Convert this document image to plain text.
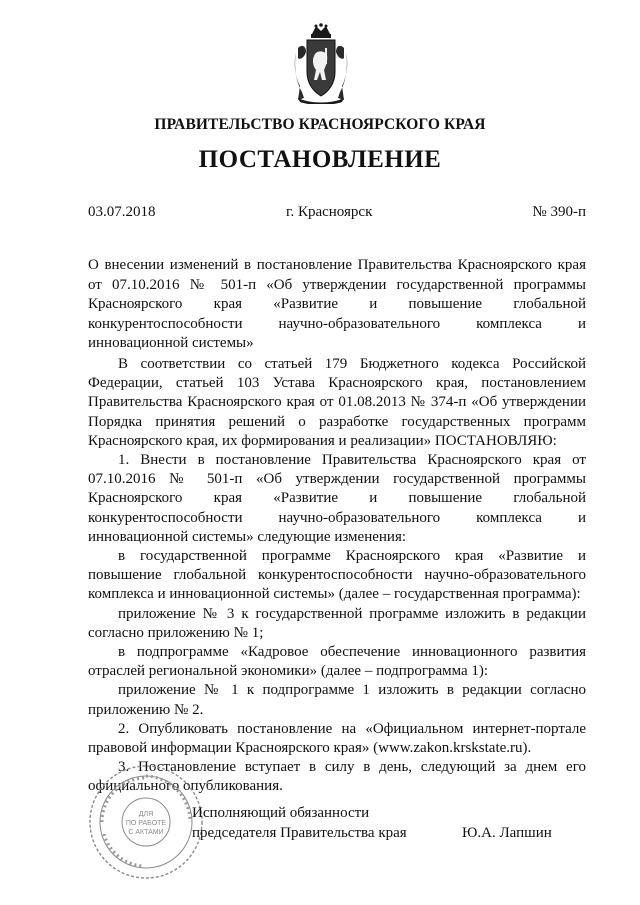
ПРАВИТЕЛЬСТВО КРАСНОЯРСКОГО КРАЯ
ПОСТАНОВЛЕНИЕ
03.07.2018	г. Красноярск	№ 390-п
О внесении изменений в постановление Правительства Красноярского края от 07.10.2016 № 501-п «Об утверждении государственной программы Красноярского края «Развитие и повышение глобальной конкурентоспособности научно-образовательного комплекса и инновационной системы»

В соответствии со статьей 179 Бюджетного кодекса Российской Федерации, статьей 103 Устава Красноярского края, постановлением Правительства Красноярского края от 01.08.2013 № 374-п «Об утверждении Порядка принятия решений о разработке государственных программ Красноярского края, их формирования и реализации» ПОСТАНОВЛЯЮ:

1. Внести в постановление Правительства Красноярского края от 07.10.2016 № 501-п «Об утверждении государственной программы Красноярского края «Развитие и повышение глобальной конкурентоспособности научно-образовательного комплекса и инновационной системы» следующие изменения:

в государственной программе Красноярского края «Развитие и повышение глобальной конкурентоспособности научно-образовательного комплекса и инновационной системы» (далее – государственная программа):

приложение № 3 к государственной программе изложить в редакции согласно приложению № 1;

в подпрограмме «Кадровое обеспечение инновационного развития отраслей региональной экономики» (далее – подпрограмма 1):

приложение № 1 к подпрограмме 1 изложить в редакции согласно приложению № 2.

2. Опубликовать постановление на «Официальном интернет-портале правовой информации Красноярского края» (www.zakon.krskstate.ru).

3. Постановление вступает в силу в день, следующий за днем его официального опубликования.

ДЛЯ
ПО РАБОТЕ
С АКТАМИ
Исполняющий обязанности
председателя Правительства края	Ю.А. Лапшин
